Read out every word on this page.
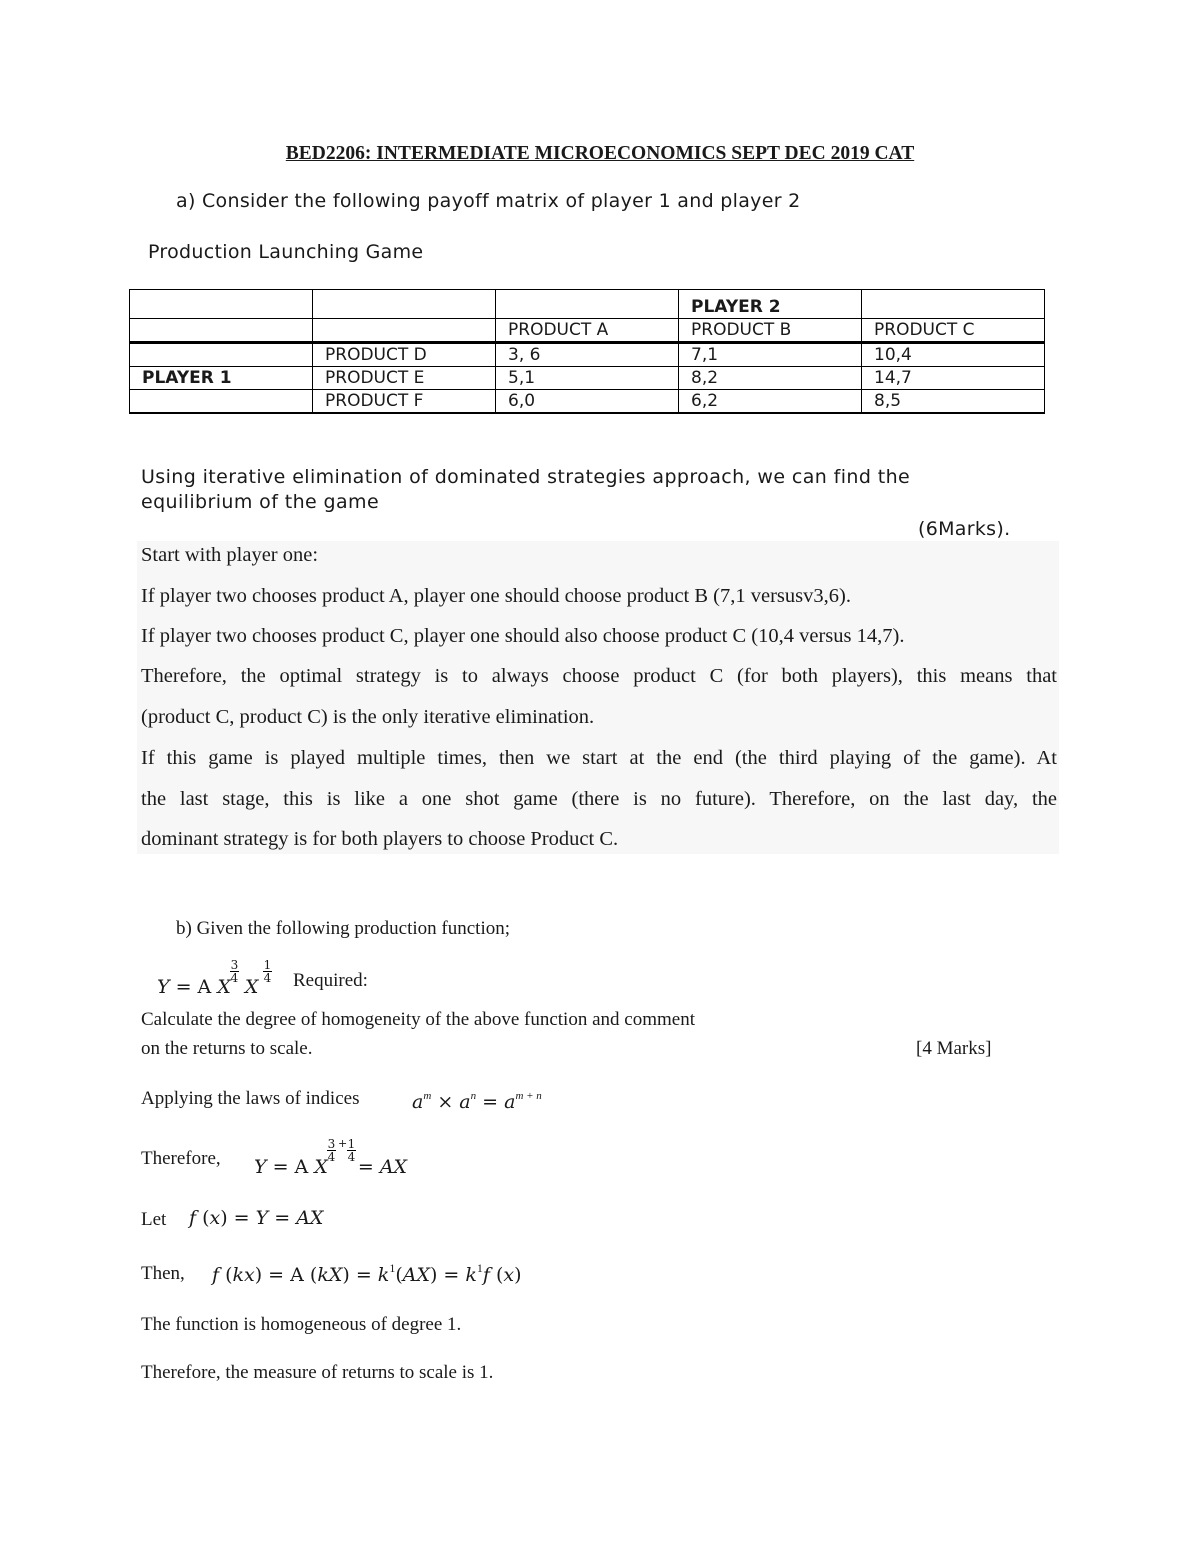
BED2206: INTERMEDIATE MICROECONOMICS SEPT DEC 2019 CAT
a) Consider the following payoff matrix of player 1 and player 2
Production Launching Game
			PLAYER 2	
		PRODUCT A	PRODUCT B	PRODUCT C
	PRODUCT D	3, 6	7,1	10,4
PLAYER 1	PRODUCT E	5,1	8,2	14,7
	PRODUCT F	6,0	6,2	8,5
Using iterative elimination of dominated strategies approach, we can find the
equilibrium of the game
(6Marks).
Start with player one:
If player two chooses product A, player one should choose product B (7,1 versusv3,6).
If player two chooses product C, player one should also choose product C (10,4 versus 14,7).
Therefore, the optimal strategy is to always choose product C (for both players), this means that
(product C, product C) is the only iterative elimination.
If this game is played multiple times, then we start at the end (the third playing of the game). At
the last stage, this is like a one shot game (there is no future). Therefore, on the last day, the
dominant strategy is for both players to choose Product C.
b) Given the following production function;
Y = A X X
3
4
1
4 Required:
Calculate the degree of homogeneity of the above function and comment
on the returns to scale.	[4 Marks]
Applying the laws of indices	$a^m \times a^n = a^{m + n}$
Therefore, Y = A X = AX
3
4
+ 1
4
Let f (x) = Y = AX
Then, f (kx) = A $(kX) = k^1(AX) = k^1f$ (x)
The function is homogeneous of degree 1.
Therefore, the measure of returns to scale is 1.
